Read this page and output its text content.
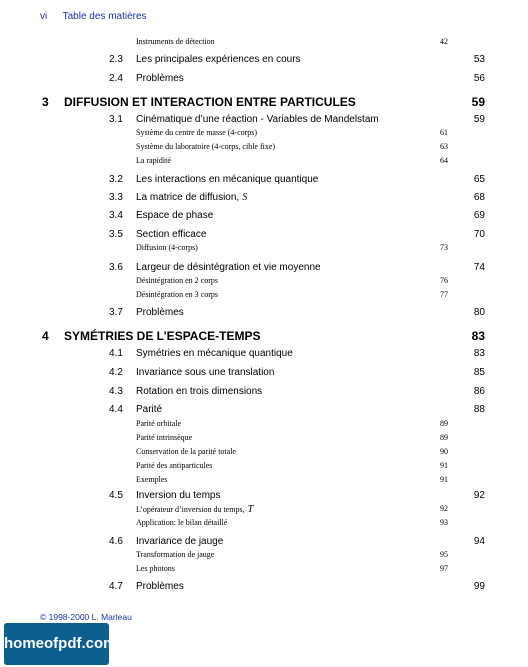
vi Table des matières
Instruments de détection	42
2.3 Les principales expériences en cours	53
2.4 Problèmes	56
3 DIFFUSION ET INTERACTION ENTRE PARTICULES	59
3.1 Cinématique d’une réaction - Variables de Mandelstam	59
Système du centre de masse (4-corps)	61
Système du laboratoire (4-corps, cible fixe)	63
La rapidité	64
3.2 Les interactions en mécanique quantique	65
3.3 La matrice de diffusion, S	68
3.4 Espace de phase	69
3.5 Section efficace	70
Diffusion (4-corps)	73
3.6 Largeur de désintégration et vie moyenne	74
Désintégration en 2 corps	76
Désintégration en 3 corps	77
3.7 Problèmes	80
4 SYMÉTRIES DE L’ESPACE-TEMPS	83
4.1 Symétries en mécanique quantique	83
4.2 Invariance sous une translation	85
4.3 Rotation en trois dimensions	86
4.4 Parité	88
Parité orbitale	89
Parité intrinsèque	89
Conservation de la parité totale	90
Parité des antiparticules	91
Exemples	91
4.5 Inversion du temps	92
L’opérateur d’inversion du temps, T	92
Application: le bilan détaillé	93
4.6 Invariance de jauge	94
Transformation de jauge	95
Les photons	97
4.7 Problèmes	99
© 1998-2000 L. Marleau
homeofpdf.com
